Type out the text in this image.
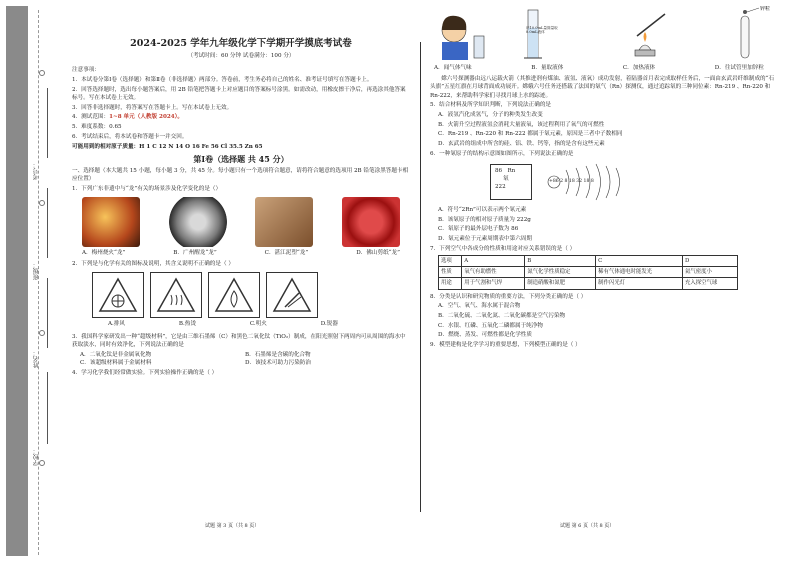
学校：
姓名：
班级：
考号：
2024-2025 学年九年级化学下学期开学摸底考试卷
（考试时间：60 分钟 试卷满分：100 分）

注意事项：

1．本试卷分第Ⅰ卷（选择题）和第Ⅱ卷（非选择题）两部分。答卷前，考生务必将自己的姓名、准考证号填写在答题卡上。

2．回答选择题时，选出每小题答案后，用 2B 铅笔把答题卡上对应题目的答案标号涂黑。如需改动，用橡皮擦干净后，再选涂其他答案标号。写在本试卷上无效。

3．回答非选择题时，将答案写在答题卡上。写在本试卷上无效。

4．测试范围：1~8 单元（人教版 2024）。

5．难度系数：0.65

6．考试结束后，将本试卷和答题卡一并交回。

可能用到的相对原子质量：H 1 C 12 N 14 O 16 Fe 56 Cl 35.5 Zn 65

第Ⅰ卷（选择题 共 45 分）

一、选择题（本大题共 15 小题，每小题 3 分，共 45 分。每小题只有一个选项符合题意，请将符合题意的选项用 2B 铅笔涂黑答题卡相应位置）

1．下列广东非遗中与“龙”有关的场景涉及化学变化的是（）

A．梅州烧火“龙”	B．广州醒龙“龙”	C．湛江泥塑“龙”	D．佛山剪纸“龙”

2．下列是与化学有关的图标及说明，其含义说明不正确的是（ ）

A.排风	B.热烫	C.明火	D.锐器

3．我国科学家研发出一种“超级材料”，它是由三维石墨烯（C）和黑色二氧化钛（TiO₂）制成，在阳光照射下两周内可从周围的海水中获取淡水，同时有效净化，下列说法正确的是

A．二氧化钛是非金属氧化物	B．石墨烯是含碳的化合物
C．该超级材料属于金属材料	D．该技术可助力污染防治

4．学习化学我们经常做实验。下列实验操作正确的是（ ）

试题 第 3 页（共 8 页）
锌粒
用10.0mL量筒量取8.0mL液体
A．闻气体气味	B．量取液体	C．加热液体	D．往试管里加锌粒

嫦六号探测器由远八运载火箭（其推进剂有煤油、液氢、液氧）成功发射，着陆器首月表完成取样任务后，一面由玄武岩纤维制成的“石头旗”五星红旗在月球背面成功展开。嫦娥六号任务还搭载了法国的氡气（Rn）探测仪，通过追踪氡的三种同位素：Rn-219 、Rn-220 和 Rn-222，来帮助科学家们寻找月球上水的踪迹。

5．结合材料及所学知识判断，下列说法正确的是

A．液氢汽化成氢气，分子的种类发生改变

B．火箭升空过程液氢会消耗大量液氧，该过程利用了氧气的可燃性

C．Rn-219 、Rn-220 和 Rn-222 都属于氡元素，原因是三者中子数相同

D．玄武岩的组成中所含的硅、铝、铁、钙等，指的是含有这些元素

6．一种氡原子的结构示意图如图所示，下列说法正确的是

86 Rn
氡
222
+86 2 8 18 32 18 8

A．符号“2Rn”可以表示两个氡元素

B．该氡原子的相对原子质量为 222g

C．氡原子的最外层电子数为 86

D．氡元素位于元素周期表中第六周期

7．下列空气中各成分的性质和用途对应关系错误的是（ ）

选项	A	B	C	D
性质	氧气有助燃性	氮气化学性质稳定	稀有气体通电时能发光	氦气密度小
用途	用于气割和气焊	制造硝酸和氮肥	制作闪光灯	充入探空气球

8．分类是认识和研究物质的重要方法，下列分类正确的是（ ）

A．空气、氧气、海水属于混合物

B．二氧化硫、二氧化氮、二氧化碳都是空气污染物

C．水银、红磷、五氧化二磷都属于纯净物

D．燃烧、蒸发、可燃性都是化学性质

9．模型建构是化学学习的重要思想，下列模型正确的是（ ）

试题 第 6 页（共 8 页）
